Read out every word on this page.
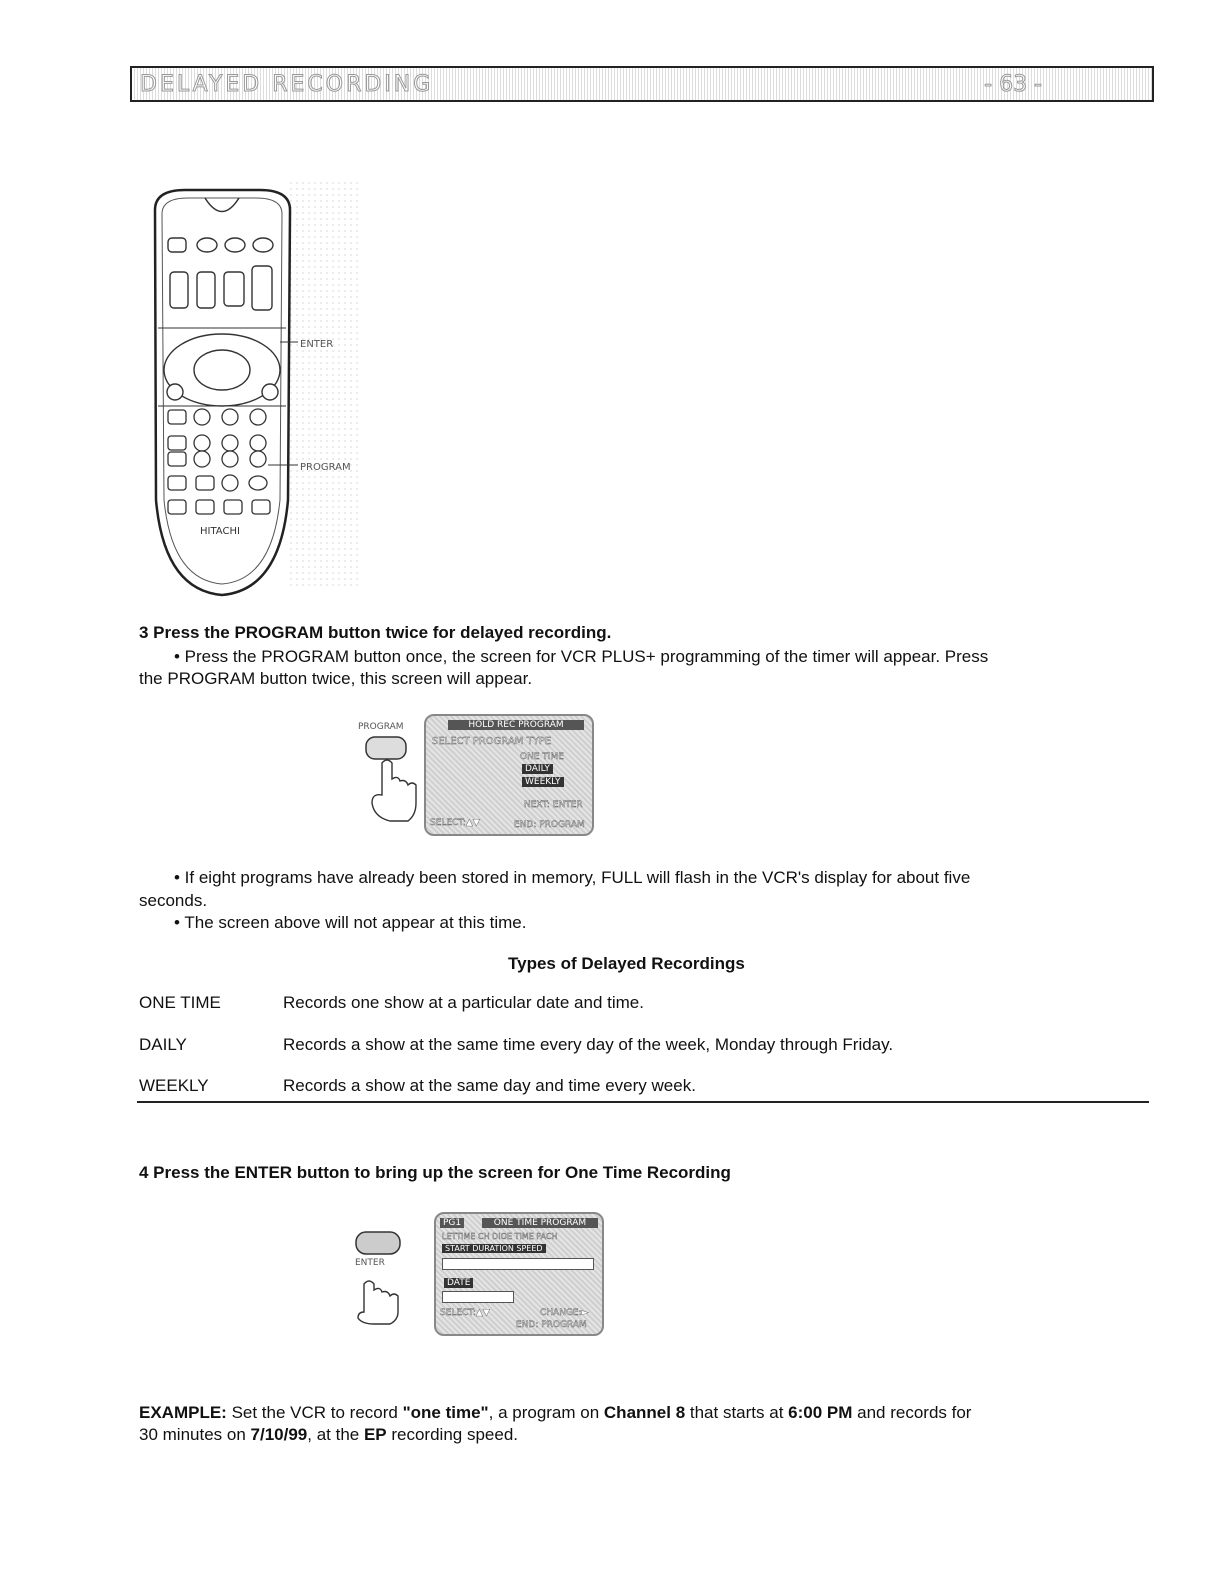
DELAYED RECORDING	- 63 -
ENTER
PROGRAM
HITACHI
3 Press the PROGRAM button twice for delayed recording.
• Press the PROGRAM button once, the screen for VCR PLUS+ programming of the timer will appear. Press
the PROGRAM button twice, this screen will appear.
PROGRAM	HOLD REC PROGRAM
SELECT PROGRAM TYPE
ONE TIME
DAILY
WEEKLY
NEXT: ENTER
SELECT:▲▼	END: PROGRAM
• If eight programs have already been stored in memory, FULL will flash in the VCR's display for about five
seconds.
• The screen above will not appear at this time.
Types of Delayed Recordings
ONE TIME	Records one show at a particular date and time.
DAILY	Records a show at the same time every day of the week, Monday through Friday.
WEEKLY	Records a show at the same day and time every week.
4 Press the ENTER button to bring up the screen for One Time Recording
ENTER
PG1	ONE TIME PROGRAM
LETTIME CH DIOE TIME PACH
START DURATION SPEED
DATE
SELECT:▲▼	CHANGE:►
END: PROGRAM
EXAMPLE: Set the VCR to record "one time", a program on Channel 8 that starts at 6:00 PM and records for
30 minutes on 7/10/99, at the EP recording speed.
